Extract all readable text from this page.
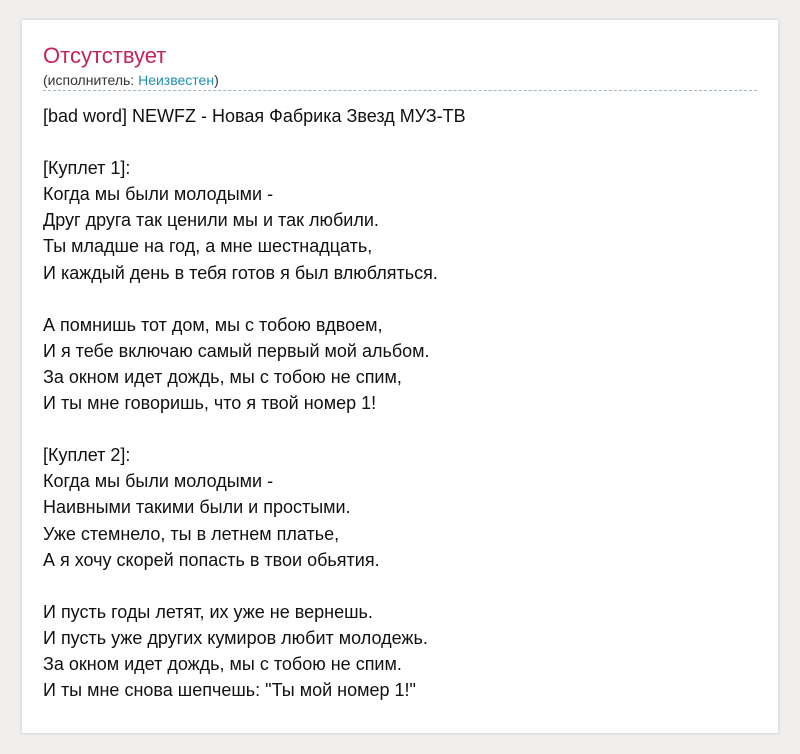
Отсутствует
(исполнитель: Неизвестен)
[bad word] NEWFZ - Новая Фабрика Звезд МУЗ-ТВ
[Куплет 1]:
Когда мы были молодыми -
Друг друга так ценили мы и так любили.
Ты младше на год, а мне шестнадцать,
И каждый день в тебя готов я был влюбляться.
А помнишь тот дом, мы с тобою вдвоем,
И я тебе включаю самый первый мой альбом.
За окном идет дождь, мы с тобою не спим,
И ты мне говоришь, что я твой номер 1!
[Куплет 2]:
Когда мы были молодыми -
Наивными такими были и простыми.
Уже стемнело, ты в летнем платье,
А я хочу скорей попасть в твои обьятия.
И пусть годы летят, их уже не вернешь.
И пусть уже других кумиров любит молодежь.
За окном идет дождь, мы с тобою не спим.
И ты мне снова шепчешь: "Ты мой номер 1!"
